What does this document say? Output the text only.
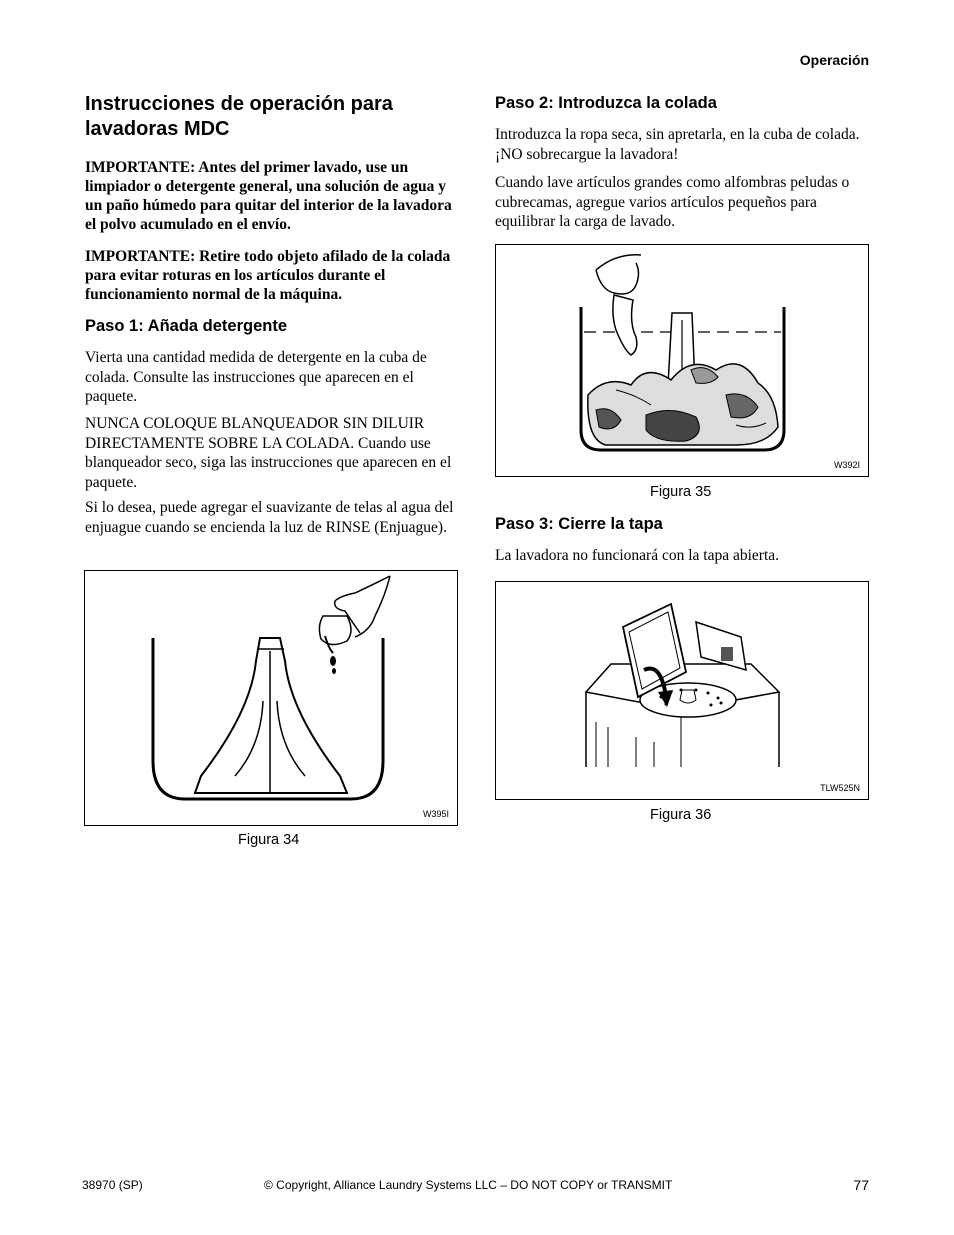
Operación
Instrucciones de operación para lavadoras MDC
IMPORTANTE: Antes del primer lavado, use un limpiador o detergente general, una solución de agua y un paño húmedo para quitar del interior de la lavadora el polvo acumulado en el envío.
IMPORTANTE: Retire todo objeto afilado de la colada para evitar roturas en los artículos durante el funcionamiento normal de la máquina.
Paso 1: Añada detergente
Vierta una cantidad medida de detergente en la cuba de colada. Consulte las instrucciones que aparecen en el paquete.
NUNCA COLOQUE BLANQUEADOR SIN DILUIR DIRECTAMENTE SOBRE LA COLADA. Cuando use blanqueador seco, siga las instrucciones que aparecen en el paquete.
Si lo desea, puede agregar el suavizante de telas al agua del enjuague cuando se encienda la luz de RINSE (Enjuague).
W395I
Figura 34
Paso 2: Introduzca la colada
Introduzca la ropa seca, sin apretarla, en la cuba de colada. ¡NO sobrecargue la lavadora!
Cuando lave artículos grandes como alfombras peludas o cubrecamas, agregue varios artículos pequeños para equilibrar la carga de lavado.
W392I
Figura 35
Paso 3: Cierre la tapa
La lavadora no funcionará con la tapa abierta.
TLW525N
Figura 36
38970 (SP)	© Copyright, Alliance Laundry Systems LLC – DO NOT COPY or TRANSMIT	77
